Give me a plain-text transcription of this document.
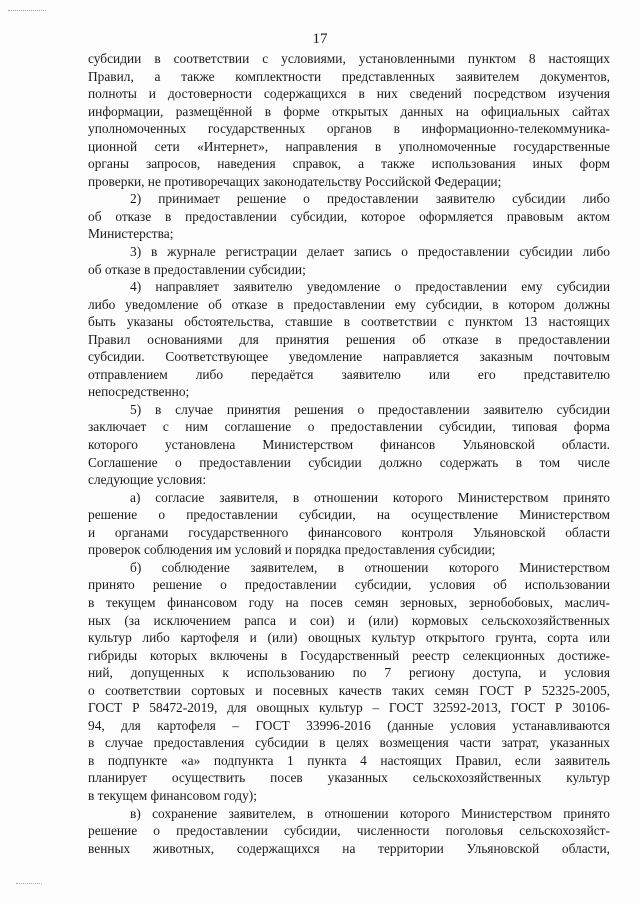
17

субсидии в соответствии с условиями, установленными пунктом 8 настоящих
Правил, а также комплектности представленных заявителем документов,
полноты и достоверности содержащихся в них сведений посредством изучения
информации, размещённой в форме открытых данных на официальных сайтах
уполномоченных государственных органов в информационно-телекоммуника-
ционной сети «Интернет», направления в уполномоченные государственные
органы запросов, наведения справок, а также использования иных форм
проверки, не противоречащих законодательству Российской Федерации;

2) принимает решение о предоставлении заявителю субсидии либо
об отказе в предоставлении субсидии, которое оформляется правовым актом
Министерства;

3) в журнале регистрации делает запись о предоставлении субсидии либо
об отказе в предоставлении субсидии;

4) направляет заявителю уведомление о предоставлении ему субсидии
либо уведомление об отказе в предоставлении ему субсидии, в котором должны
быть указаны обстоятельства, ставшие в соответствии с пунктом 13 настоящих
Правил основаниями для принятия решения об отказе в предоставлении
субсидии. Соответствующее уведомление направляется заказным почтовым
отправлением либо передаётся заявителю или его представителю
непосредственно;

5) в случае принятия решения о предоставлении заявителю субсидии
заключает с ним соглашение о предоставлении субсидии, типовая форма
которого установлена Министерством финансов Ульяновской области.
Соглашение о предоставлении субсидии должно содержать в том числе
следующие условия:

а) согласие заявителя, в отношении которого Министерством принято
решение о предоставлении субсидии, на осуществление Министерством
и органами государственного финансового контроля Ульяновской области
проверок соблюдения им условий и порядка предоставления субсидии;

б) соблюдение заявителем, в отношении которого Министерством
принято решение о предоставлении субсидии, условия об использовании
в текущем финансовом году на посев семян зерновых, зернобобовых, маслич-
ных (за исключением рапса и сои) и (или) кормовых сельскохозяйственных
культур либо картофеля и (или) овощных культур открытого грунта, сорта или
гибриды которых включены в Государственный реестр селекционных достиже-
ний, допущенных к использованию по 7 региону доступа, и условия
о соответствии сортовых и посевных качеств таких семян ГОСТ Р 52325-2005,
ГОСТ Р 58472-2019, для овощных культур – ГОСТ 32592-2013, ГОСТ Р 30106-
94, для картофеля – ГОСТ 33996-2016 (данные условия устанавливаются
в случае предоставления субсидии в целях возмещения части затрат, указанных
в подпункте «а» подпункта 1 пункта 4 настоящих Правил, если заявитель
планирует осуществить посев указанных сельскохозяйственных культур
в текущем финансовом году);

в) сохранение заявителем, в отношении которого Министерством принято
решение о предоставлении субсидии, численности поголовья сельскохозяйст-
венных животных, содержащихся на территории Ульяновской области,
